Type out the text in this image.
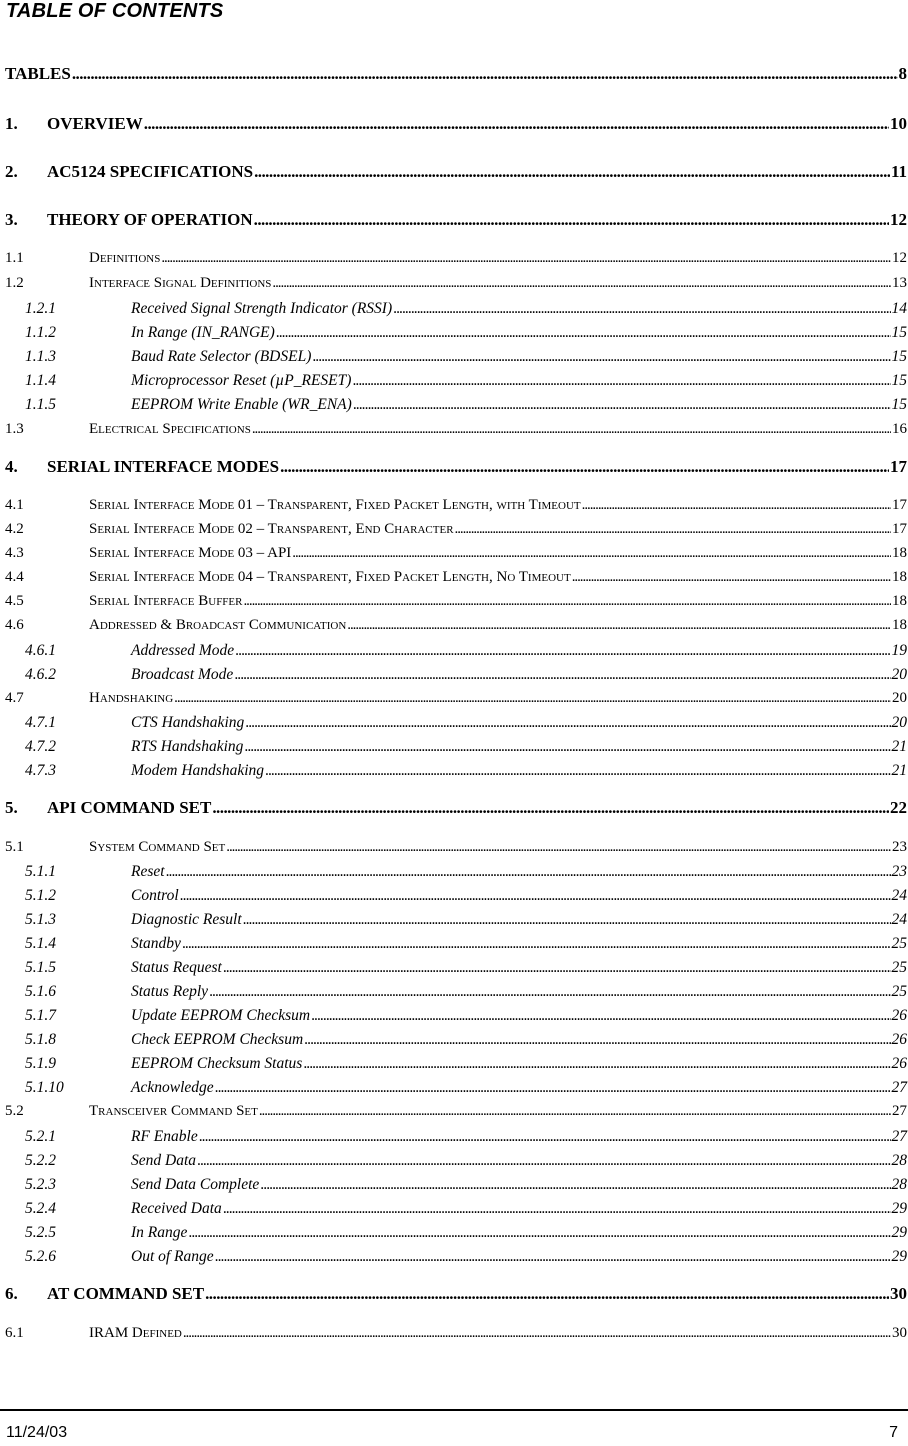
TABLE OF CONTENTS
TABLES . . .	8
1.	OVERVIEW . . .	10
2.	AC5124 SPECIFICATIONS . . .	11
3.	THEORY OF OPERATION . . .	12
1.1	Definitions . . .	12
1.2	Interface Signal Definitions . . .	13
1.2.1	Received Signal Strength Indicator (RSSI) . . .	14
1.1.2	In Range (IN_RANGE) . . .	15
1.1.3	Baud Rate Selector (BDSEL) . . .	15
1.1.4	Microprocessor Reset (µP_RESET) . . .	15
1.1.5	EEPROM Write Enable (WR_ENA) . . .	15
1.3	Electrical Specifications . . .	16
4.	SERIAL INTERFACE MODES . . .	17
4.1	Serial Interface Mode 01 – Transparent, Fixed Packet Length, with Timeout . . .	17
4.2	Serial Interface Mode 02 – Transparent, End Character . . .	17
4.3	Serial Interface Mode 03 – API . . .	18
4.4	Serial Interface Mode 04 – Transparent, Fixed Packet Length, No Timeout . . .	18
4.5	Serial Interface Buffer . . .	18
4.6	Addressed & Broadcast Communication . . .	18
4.6.1	Addressed Mode . . .	19
4.6.2	Broadcast Mode . . .	20
4.7	Handshaking . . .	20
4.7.1	CTS Handshaking . . .	20
4.7.2	RTS Handshaking . . .	21
4.7.3	Modem Handshaking . . .	21
5.	API COMMAND SET . . .	22
5.1	System Command Set . . .	23
5.1.1	Reset . . .	23
5.1.2	Control . . .	24
5.1.3	Diagnostic Result . . .	24
5.1.4	Standby . . .	25
5.1.5	Status Request . . .	25
5.1.6	Status Reply . . .	25
5.1.7	Update EEPROM Checksum . . .	26
5.1.8	Check EEPROM Checksum . . .	26
5.1.9	EEPROM Checksum Status . . .	26
5.1.10	Acknowledge . . .	27
5.2	Transceiver Command Set . . .	27
5.2.1	RF Enable . . .	27
5.2.2	Send Data . . .	28
5.2.3	Send Data Complete . . .	28
5.2.4	Received Data . . .	29
5.2.5	In Range . . .	29
5.2.6	Out of Range . . .	29
6.	AT COMMAND SET . . .	30
6.1	IRAM Defined . . .	30
11/24/03	7
